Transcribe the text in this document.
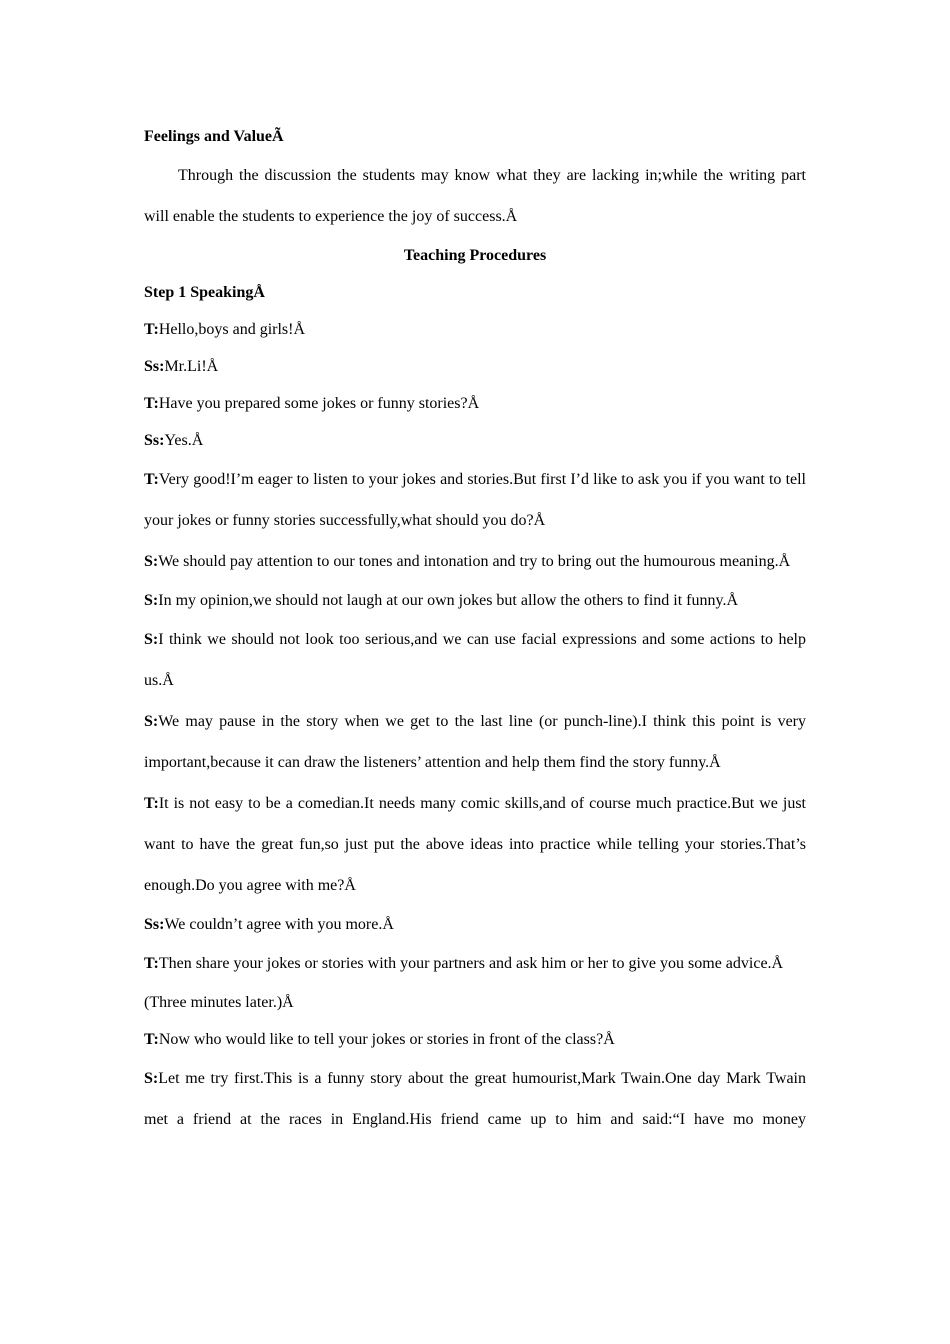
Feelings and ValueÃ

Through the discussion the students may know what they are lacking in;while the writing part will enable the students to experience the joy of success.Å

Teaching Procedures
Step 1 SpeakingÅ
T:Hello,boys and girls!Å
Ss:Mr.Li!Å
T:Have you prepared some jokes or funny stories?Å
Ss:Yes.Å

T:Very good!I’m eager to listen to your jokes and stories.But first I’d like to ask you if you want to tell your jokes or funny stories successfully,what should you do?Å

S:We should pay attention to our tones and intonation and try to bring out the humourous meaning.Å

S:In my opinion,we should not laugh at our own jokes but allow the others to find it funny.Å

S:I think we should not look too serious,and we can use facial expressions and some actions to help us.Å

S:We may pause in the story when we get to the last line (or punch-line).I think this point is very important,because it can draw the listeners’ attention and help them find the story funny.Å

T:It is not easy to be a comedian.It needs many comic skills,and of course much practice.But we just want to have the great fun,so just put the above ideas into practice while telling your stories.That’s enough.Do you agree with me?Å

Ss:We couldn’t agree with you more.Å

T:Then share your jokes or stories with your partners and ask him or her to give you some advice.Å

(Three minutes later.)Å
T:Now who would like to tell your jokes or stories in front of the class?Å

S:Let me try first.This is a funny story about the great humourist,Mark Twain.One day Mark Twain met a friend at the races in England.His friend came up to him and said:“I have mo money
